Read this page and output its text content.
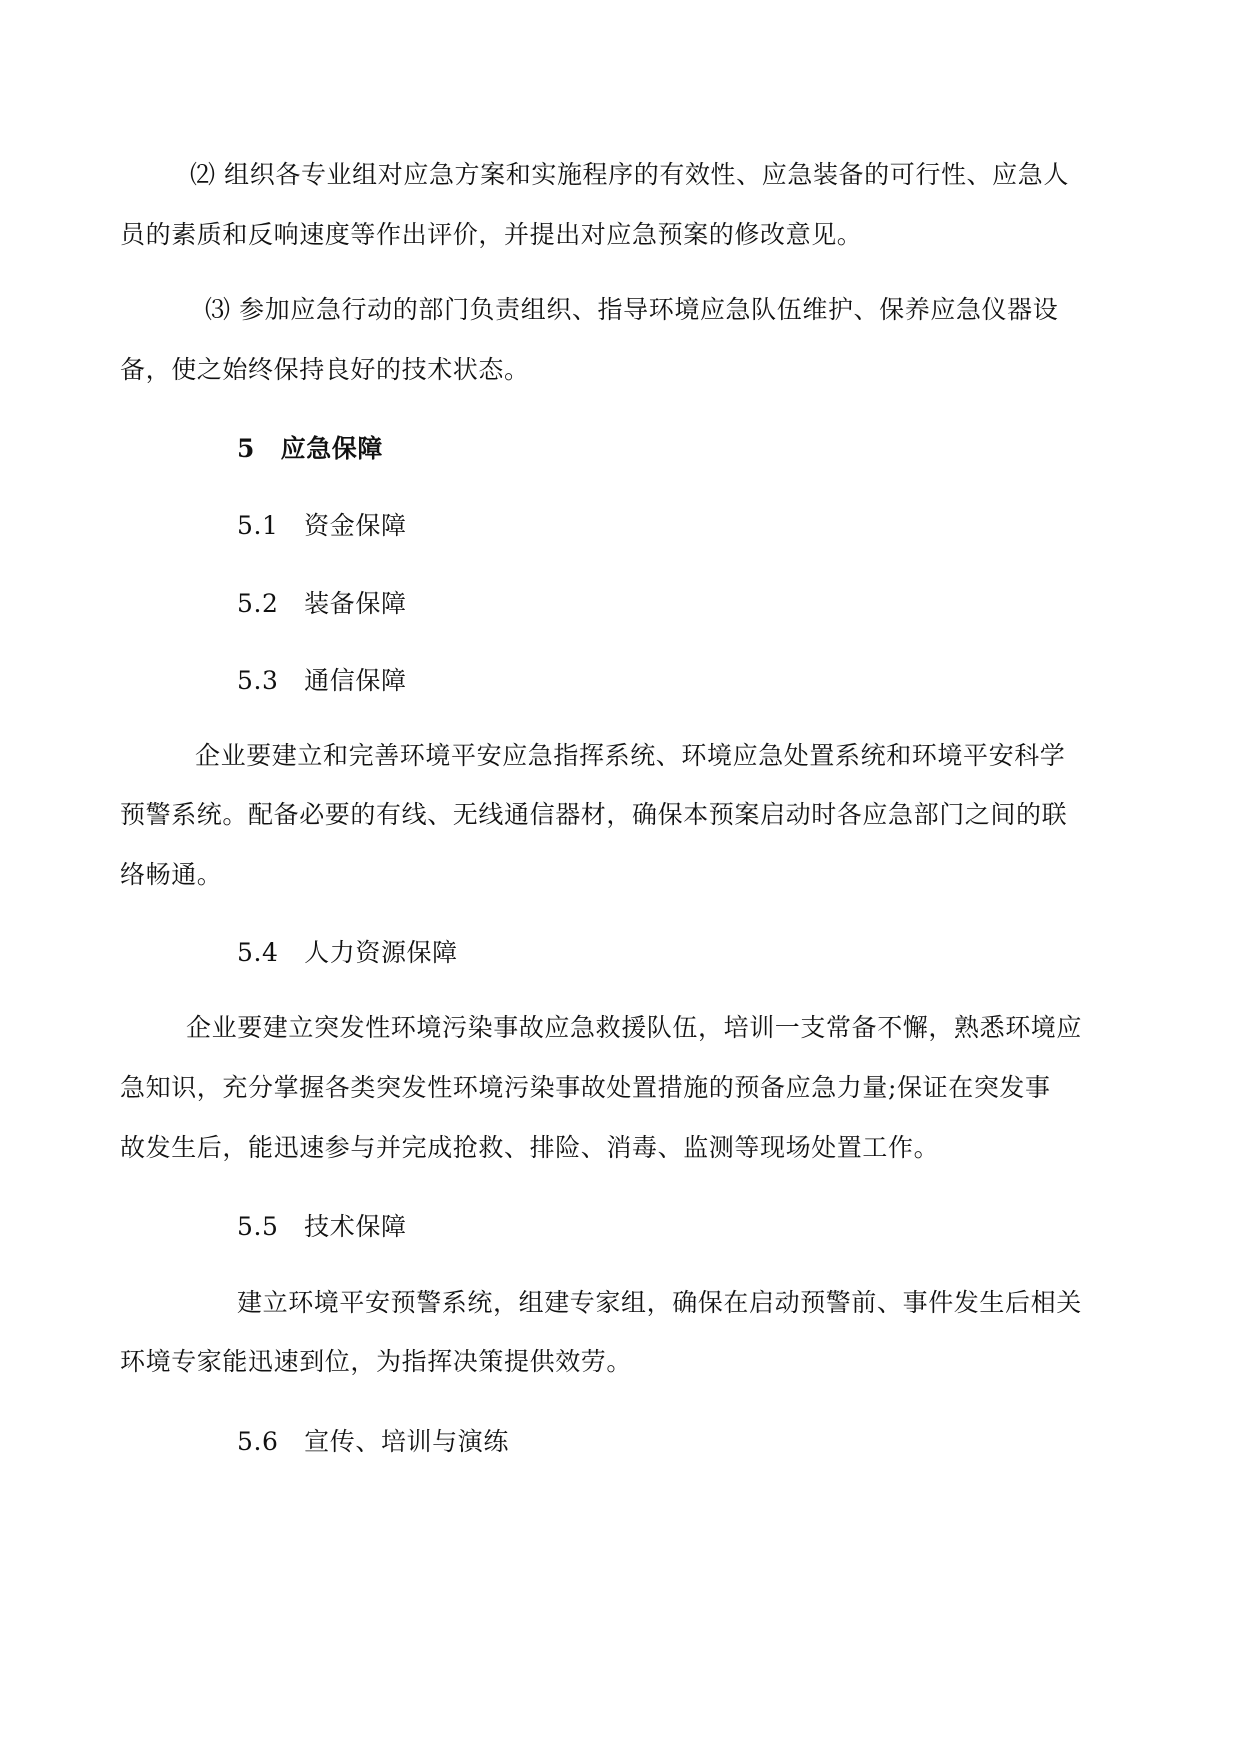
⑵ 组织各专业组对应急方案和实施程序的有效性、应急装备的可行性、应急人
员的素质和反响速度等作出评价，并提出对应急预案的修改意见。
⑶ 参加应急行动的部门负责组织、指导环境应急队伍维护、保养应急仪器设
备，使之始终保持良好的技术状态。
5　应急保障
5.1　资金保障
5.2　装备保障
5.3　通信保障
企业要建立和完善环境平安应急指挥系统、环境应急处置系统和环境平安科学
预警系统。配备必要的有线、无线通信器材，确保本预案启动时各应急部门之间的联
络畅通。
5.4　人力资源保障
企业要建立突发性环境污染事故应急救援队伍，培训一支常备不懈，熟悉环境应
急知识，充分掌握各类突发性环境污染事故处置措施的预备应急力量;保证在突发事
故发生后，能迅速参与并完成抢救、排险、消毒、监测等现场处置工作。
5.5　技术保障
建立环境平安预警系统，组建专家组，确保在启动预警前、事件发生后相关
环境专家能迅速到位，为指挥决策提供效劳。
5.6　宣传、培训与演练
